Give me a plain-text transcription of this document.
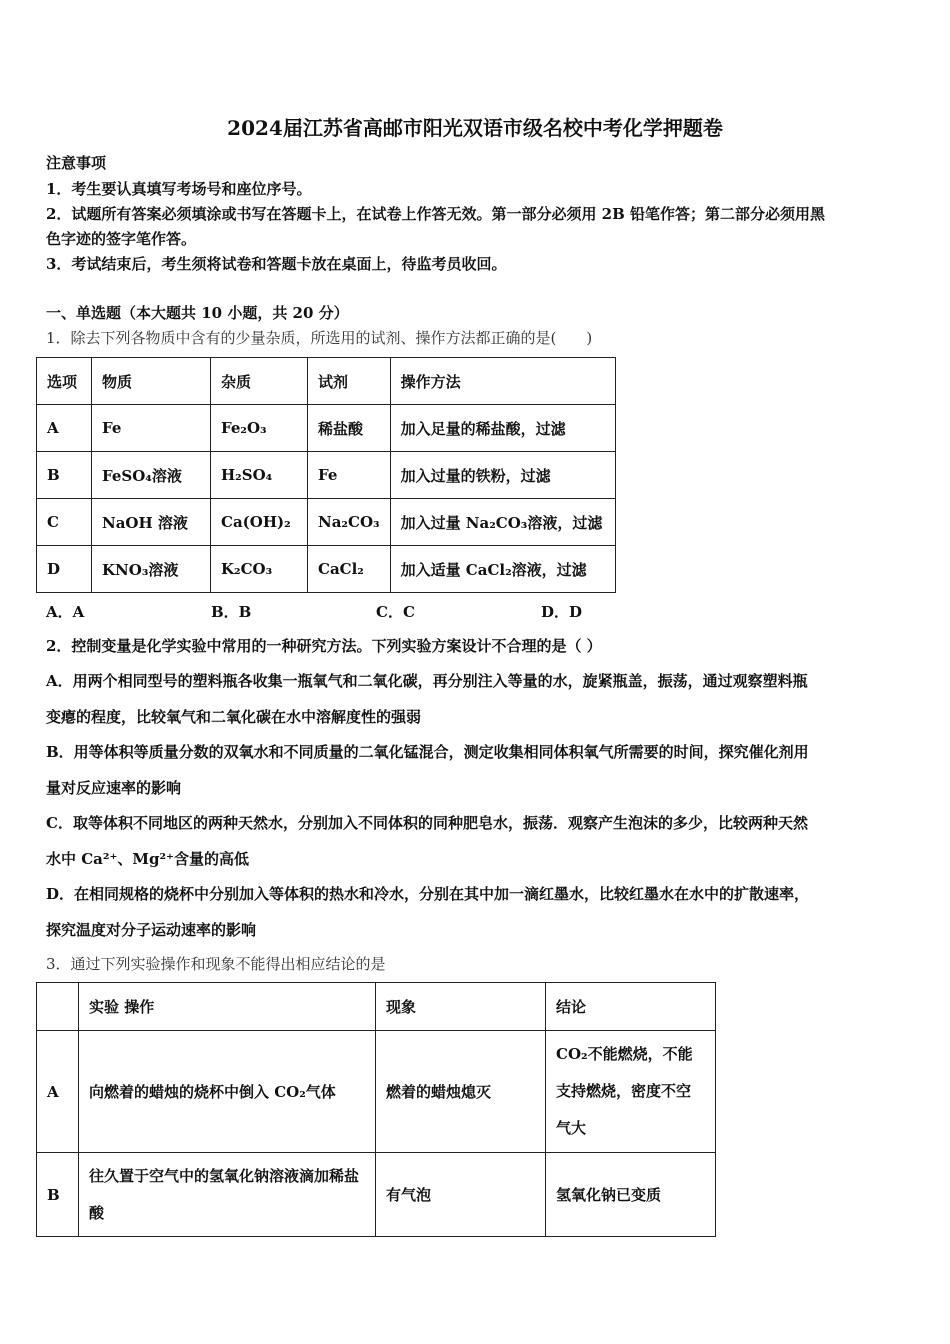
2024届江苏省高邮市阳光双语市级名校中考化学押题卷
注意事项
1．考生要认真填写考场号和座位序号。
2．试题所有答案必须填涂或书写在答题卡上，在试卷上作答无效。第一部分必须用 2B 铅笔作答；第二部分必须用黑
色字迹的签字笔作答。
3．考试结束后，考生须将试卷和答题卡放在桌面上，待监考员收回。
一、单选题（本大题共 10 小题，共 20 分）
1．除去下列各物质中含有的少量杂质，所选用的试剂、操作方法都正确的是(　　)
选项	物质	杂质	试剂	操作方法
A	Fe	Fe₂O₃	稀盐酸	加入足量的稀盐酸，过滤
B	FeSO₄溶液	H₂SO₄	Fe	加入过量的铁粉，过滤
C	NaOH 溶液	Ca(OH)₂	Na₂CO₃	加入过量 Na₂CO₃溶液，过滤
D	KNO₃溶液	K₂CO₃	CaCl₂	加入适量 CaCl₂溶液，过滤
A．A	B．B	C．C	D．D
2．控制变量是化学实验中常用的一种研究方法。下列实验方案设计不合理的是（ ）
A．用两个相同型号的塑料瓶各收集一瓶氧气和二氧化碳，再分别注入等量的水，旋紧瓶盖，振荡，通过观察塑料瓶
变瘪的程度，比较氧气和二氧化碳在水中溶解度性的强弱
B．用等体积等质量分数的双氧水和不同质量的二氧化锰混合，测定收集相同体积氧气所需要的时间，探究催化剂用
量对反应速率的影响
C．取等体积不同地区的两种天然水，分别加入不同体积的同种肥皂水，振荡．观察产生泡沫的多少，比较两种天然
水中 Ca²⁺、Mg²⁺含量的高低
D．在相同规格的烧杯中分别加入等体积的热水和冷水，分别在其中加一滴红墨水，比较红墨水在水中的扩散速率，
探究温度对分子运动速率的影响
3．通过下列实验操作和现象不能得出相应结论的是
	实验 操作	现象	结论
A	向燃着的蜡烛的烧杯中倒入 CO₂气体	燃着的蜡烛熄灭	CO₂不能燃烧，不能支持燃烧，密度不空气大
B	往久置于空气中的氢氧化钠溶液滴加稀盐酸	有气泡	氢氧化钠已变质
